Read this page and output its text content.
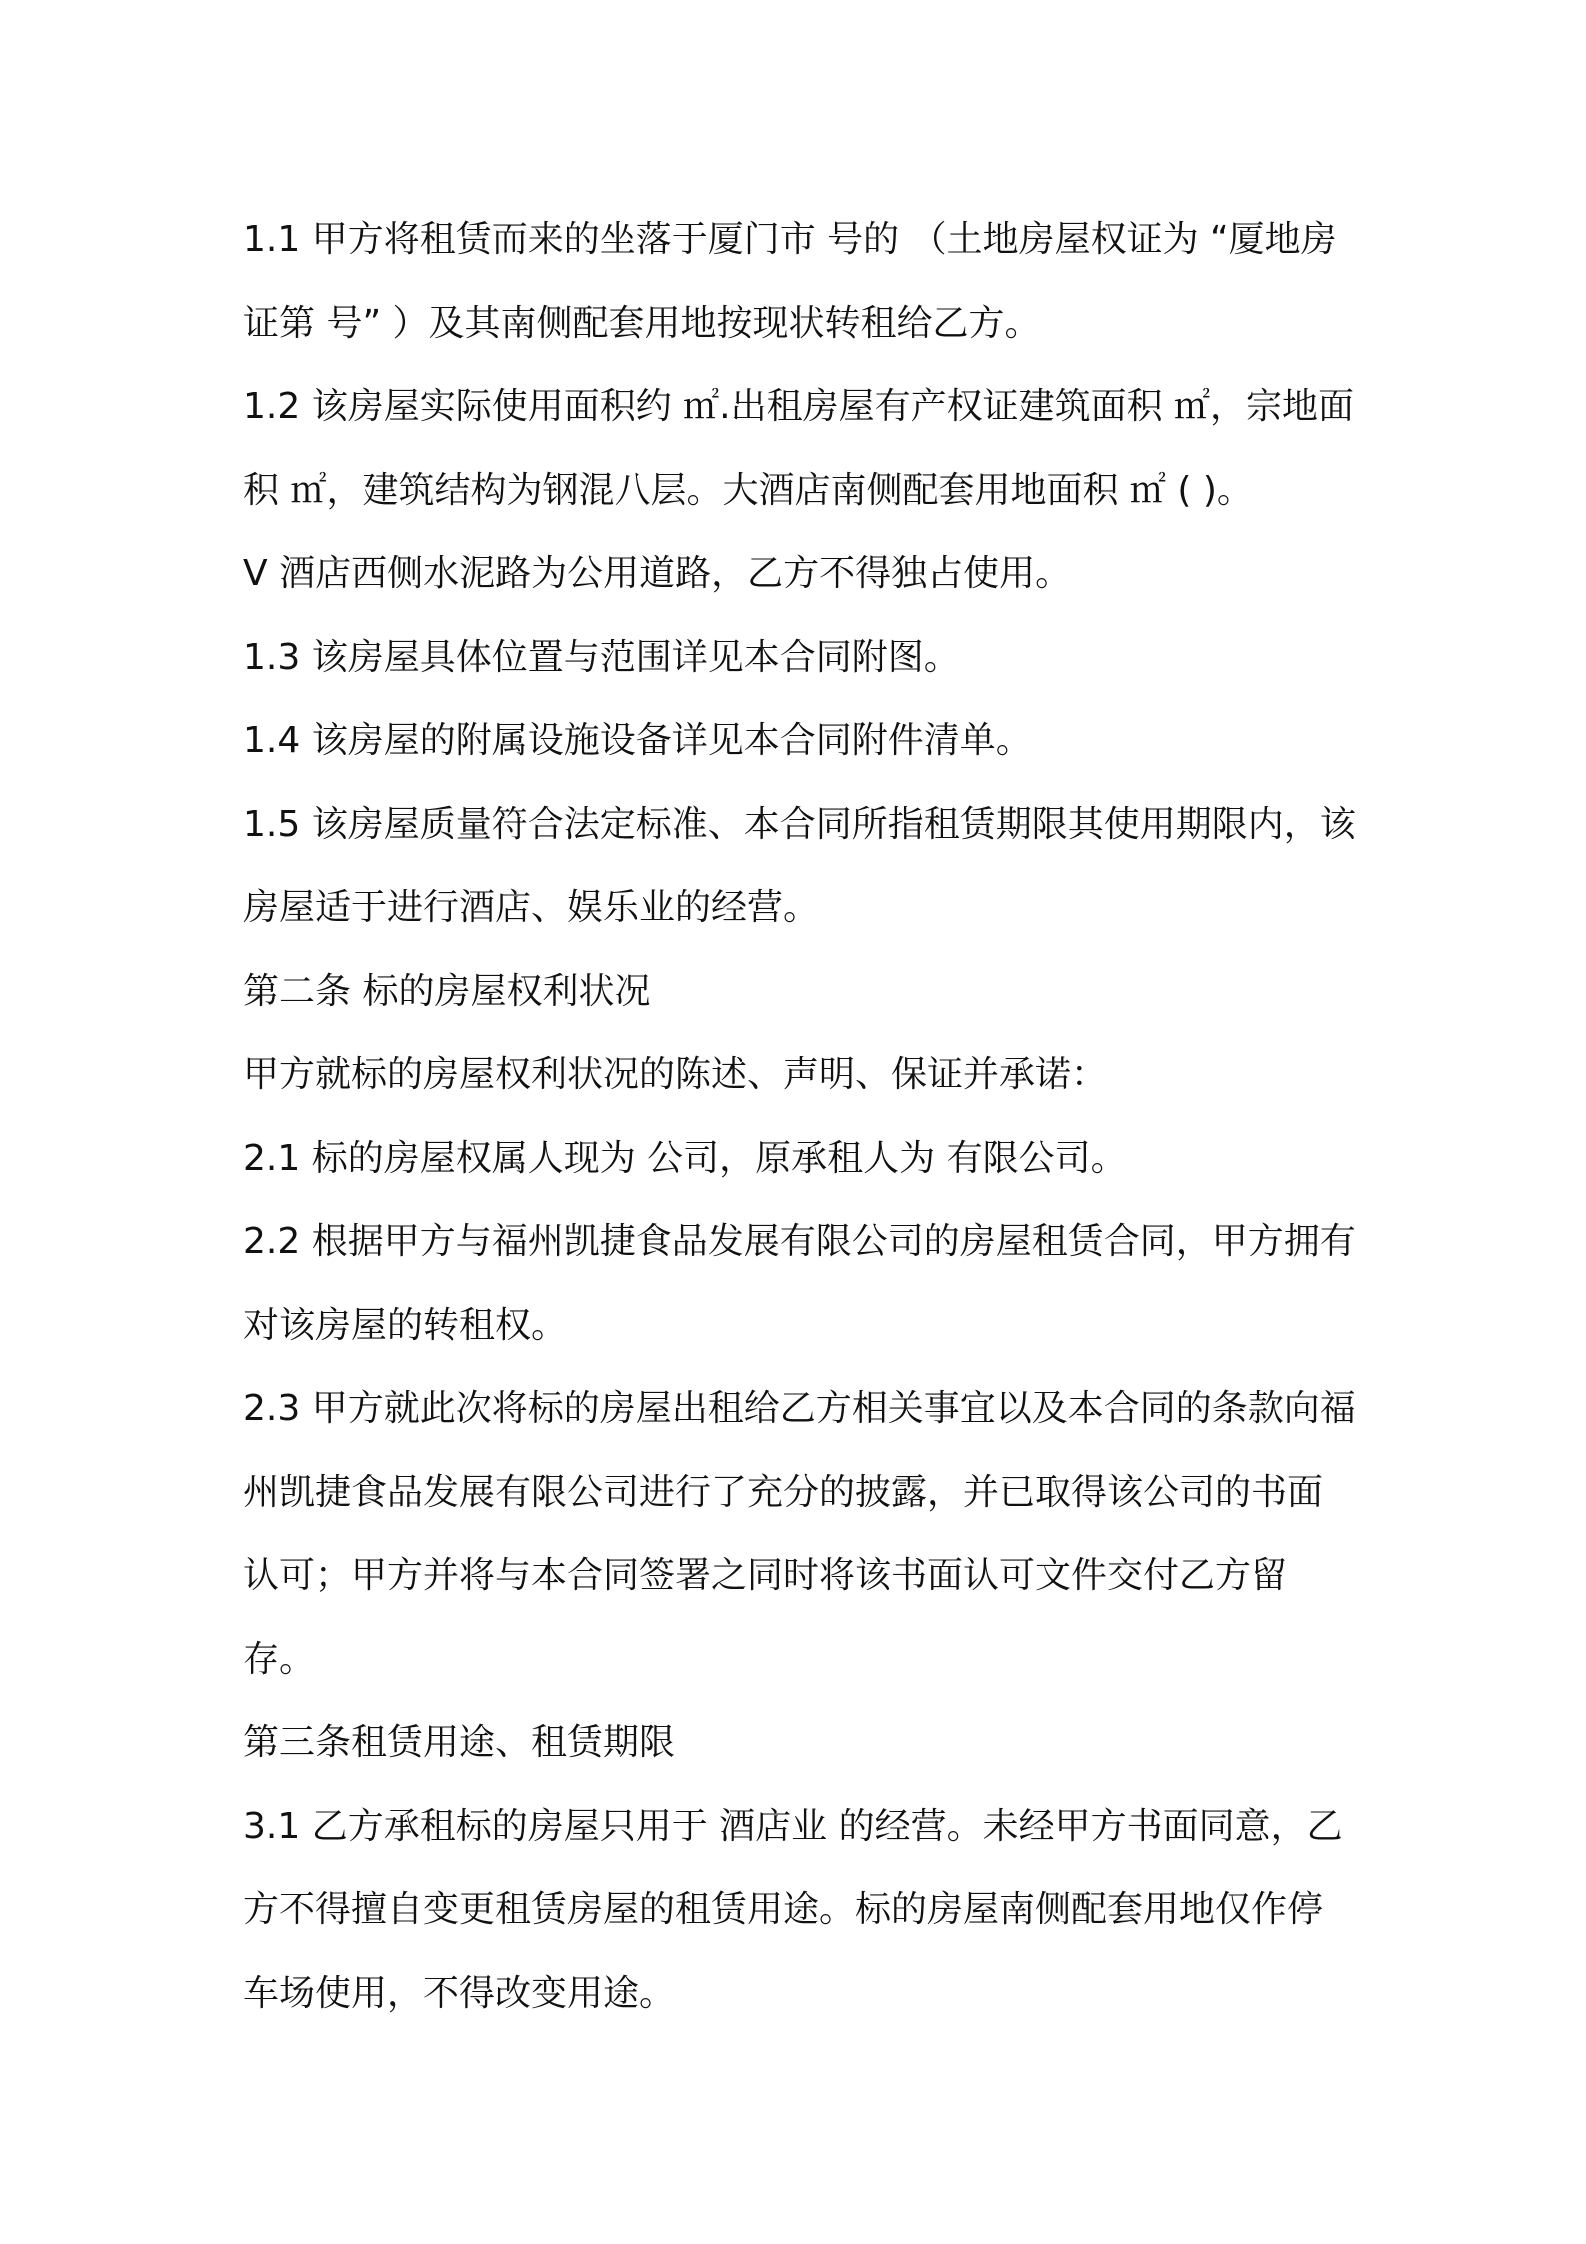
1.1 甲方将租赁而来的坐落于厦门市 号的 （土地房屋权证为 “厦地房证第 号” ）及其南侧配套用地按现状转租给乙方。

1.2 该房屋实际使用面积约 ㎡.出租房屋有产权证建筑面积 ㎡，宗地面积 ㎡，建筑结构为钢混八层。大酒店南侧配套用地面积 ㎡ ( )。

V 酒店西侧水泥路为公用道路，乙方不得独占使用。

1.3 该房屋具体位置与范围详见本合同附图。

1.4 该房屋的附属设施设备详见本合同附件清单。

1.5 该房屋质量符合法定标准、本合同所指租赁期限其使用期限内，该房屋适于进行酒店、娱乐业的经营。

第二条 标的房屋权利状况

甲方就标的房屋权利状况的陈述、声明、保证并承诺：

2.1 标的房屋权属人现为 公司，原承租人为 有限公司。

2.2 根据甲方与福州凯捷食品发展有限公司的房屋租赁合同，甲方拥有对该房屋的转租权。

2.3 甲方就此次将标的房屋出租给乙方相关事宜以及本合同的条款向福州凯捷食品发展有限公司进行了充分的披露，并已取得该公司的书面认可；甲方并将与本合同签署之同时将该书面认可文件交付乙方留存。

第三条租赁用途、租赁期限

3.1 乙方承租标的房屋只用于 酒店业 的经营。未经甲方书面同意，乙方不得擅自变更租赁房屋的租赁用途。标的房屋南侧配套用地仅作停车场使用，不得改变用途。
